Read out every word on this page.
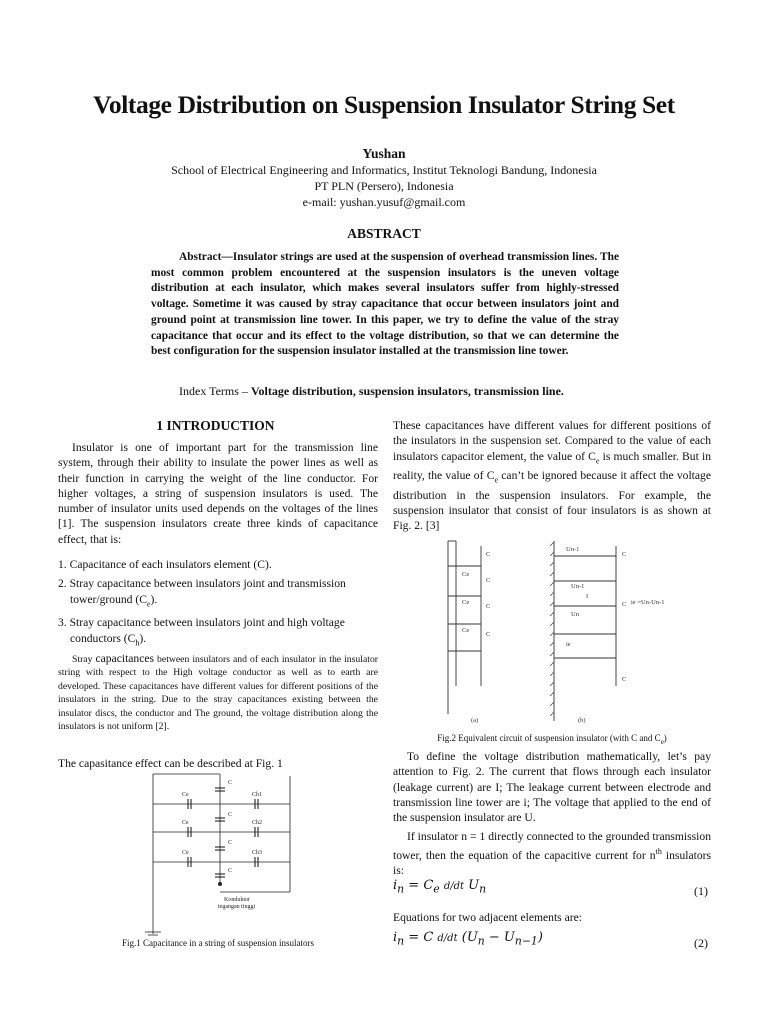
Voltage Distribution on Suspension Insulator String Set
Yushan
School of Electrical Engineering and Informatics, Institut Teknologi Bandung, Indonesia
PT PLN (Persero), Indonesia
e-mail: yushan.yusuf@gmail.com
ABSTRACT
Abstract—Insulator strings are used at the suspension of overhead transmission lines. The most common problem encountered at the suspension insulators is the uneven voltage distribution at each insulator, which makes several insulators suffer from highly-stressed voltage. Sometime it was caused by stray capacitance that occur between insulators joint and ground point at transmission line tower. In this paper, we try to define the value of the stray capacitance that occur and its effect to the voltage distribution, so that we can determine the best configuration for the suspension insulator installed at the transmission line tower.
Index Terms – Voltage distribution, suspension insulators, transmission line.
1 INTRODUCTION

Insulator is one of important part for the transmission line system, through their ability to insulate the power lines as well as their function in carrying the weight of the line conductor. For higher voltages, a string of suspension insulators is used. The number of insulator units used depends on the voltages of the lines [1]. The suspension insulators create three kinds of capacitance effect, that is:

1. Capacitance of each insulators element (C).
2. Stray capacitance between insulators joint and transmission tower/ground $(C_e)$.
3. Stray capacitance between insulators joint and high voltage conductors $(C_h)$.
Stray capacitances between insulators and of each insulator in the insulator string with respect to the High voltage conductor as well as to earth are developed. These capacitances have different values for different positions of the insulators in the string. Due to the stray capacitances existing between the insulator discs, the conductor and The ground, the voltage distribution along the insulators is not uniform [2].
The capasitance effect can be described at Fig. 1
Ce
Ce
Ce
C
C
C
C
Ch1
Ch2
Ch3
Konduktor
tegangan tinggi
Fig.1 Capacitance in a string of suspension insulators
These capacitances have different values for different positions of the insulators in the suspension set. Compared to the value of each insulators capacitor element, the value of $C_e$ is much smaller. But in reality, the value of $C_e$ can’t be ignored because it affect the voltage distribution in the suspension insulators. For example, the suspension insulator that consist of four insulators is as shown at Fig. 2. [3]
C
C
C
C
Ce
Ce
Ce
Un-1
Un-1
Un
I
ie
C
C
C
ie =Un-Un-1
(a)	(b)
Fig.2 Equivalent circuit of suspension insulator (with C and $C_e$)

To define the voltage distribution mathematically, let’s pay attention to Fig. 2. The current that flows through each insulator (leakage current) are I; The leakage current between electrode and transmission line tower are i; The voltage that applied to the end of the suspension insulator are U.

If insulator n = 1 directly connected to the grounded transmission tower, then the equation of the capacitive current for $n^{th}$ insulators is:

$i_n = C_e$ d/dt $U_n$	(1)
Equations for two adjacent elements are:
$i_n = C$ d/dt $(U_n - U_{n-1})$	(2)
